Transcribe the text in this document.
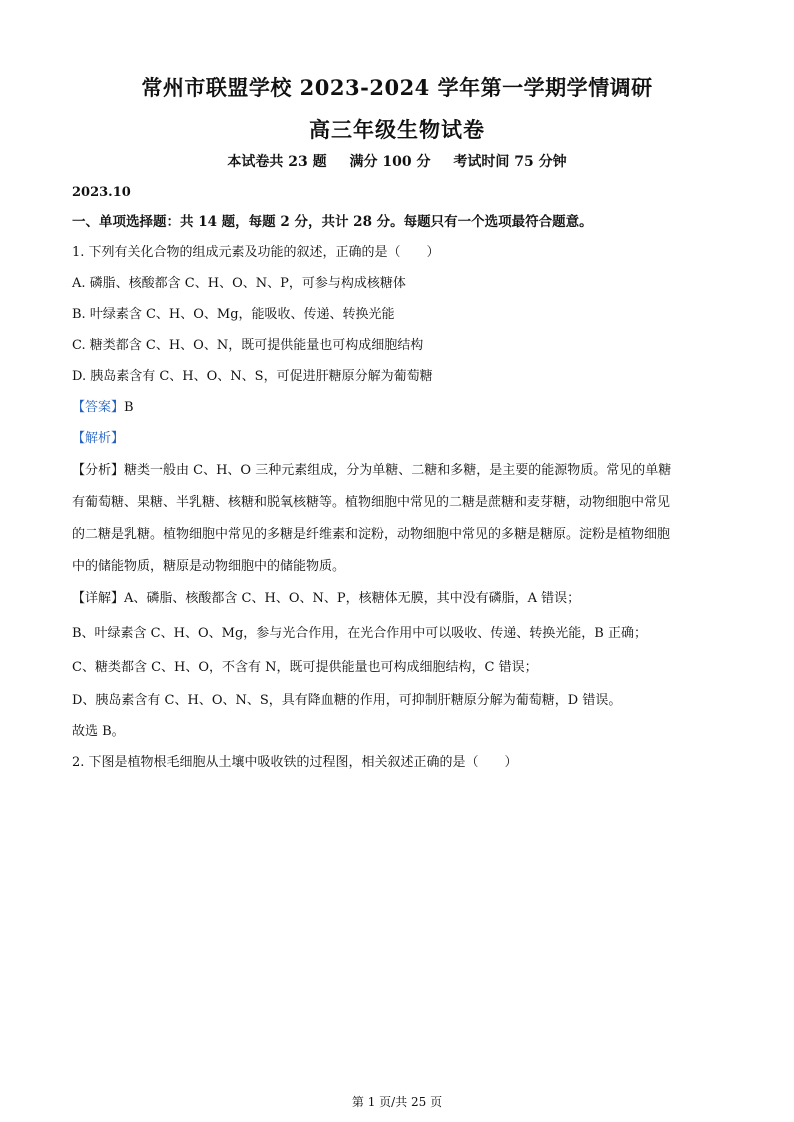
常州市联盟学校 2023-2024 学年第一学期学情调研
高三年级生物试卷
本试卷共 23 题 满分 100 分 考试时间 75 分钟
2023.10
一、单项选择题：共 14 题，每题 2 分，共计 28 分。每题只有一个选项最符合题意。
1. 下列有关化合物的组成元素及功能的叙述，正确的是（　　）
A. 磷脂、核酸都含 C、H、O、N、P，可参与构成核糖体
B. 叶绿素含 C、H、O、Mg，能吸收、传递、转换光能
C. 糖类都含 C、H、O、N，既可提供能量也可构成细胞结构
D. 胰岛素含有 C、H、O、N、S，可促进肝糖原分解为葡萄糖
【答案】B
【解析】
【分析】糖类一般由 C、H、O 三种元素组成，分为单糖、二糖和多糖，是主要的能源物质。常见的单糖
有葡萄糖、果糖、半乳糖、核糖和脱氧核糖等。植物细胞中常见的二糖是蔗糖和麦芽糖，动物细胞中常见
的二糖是乳糖。植物细胞中常见的多糖是纤维素和淀粉，动物细胞中常见的多糖是糖原。淀粉是植物细胞
中的储能物质，糖原是动物细胞中的储能物质。
【详解】A、磷脂、核酸都含 C、H、O、N、P，核糖体无膜，其中没有磷脂，A 错误；
B、叶绿素含 C、H、O、Mg，参与光合作用，在光合作用中可以吸收、传递、转换光能，B 正确；
C、糖类都含 C、H、O，不含有 N，既可提供能量也可构成细胞结构，C 错误；
D、胰岛素含有 C、H、O、N、S，具有降血糖的作用，可抑制肝糖原分解为葡萄糖，D 错误。
故选 B。
2. 下图是植物根毛细胞从土壤中吸收铁的过程图，相关叙述正确的是（　　）
第 1 页/共 25 页
